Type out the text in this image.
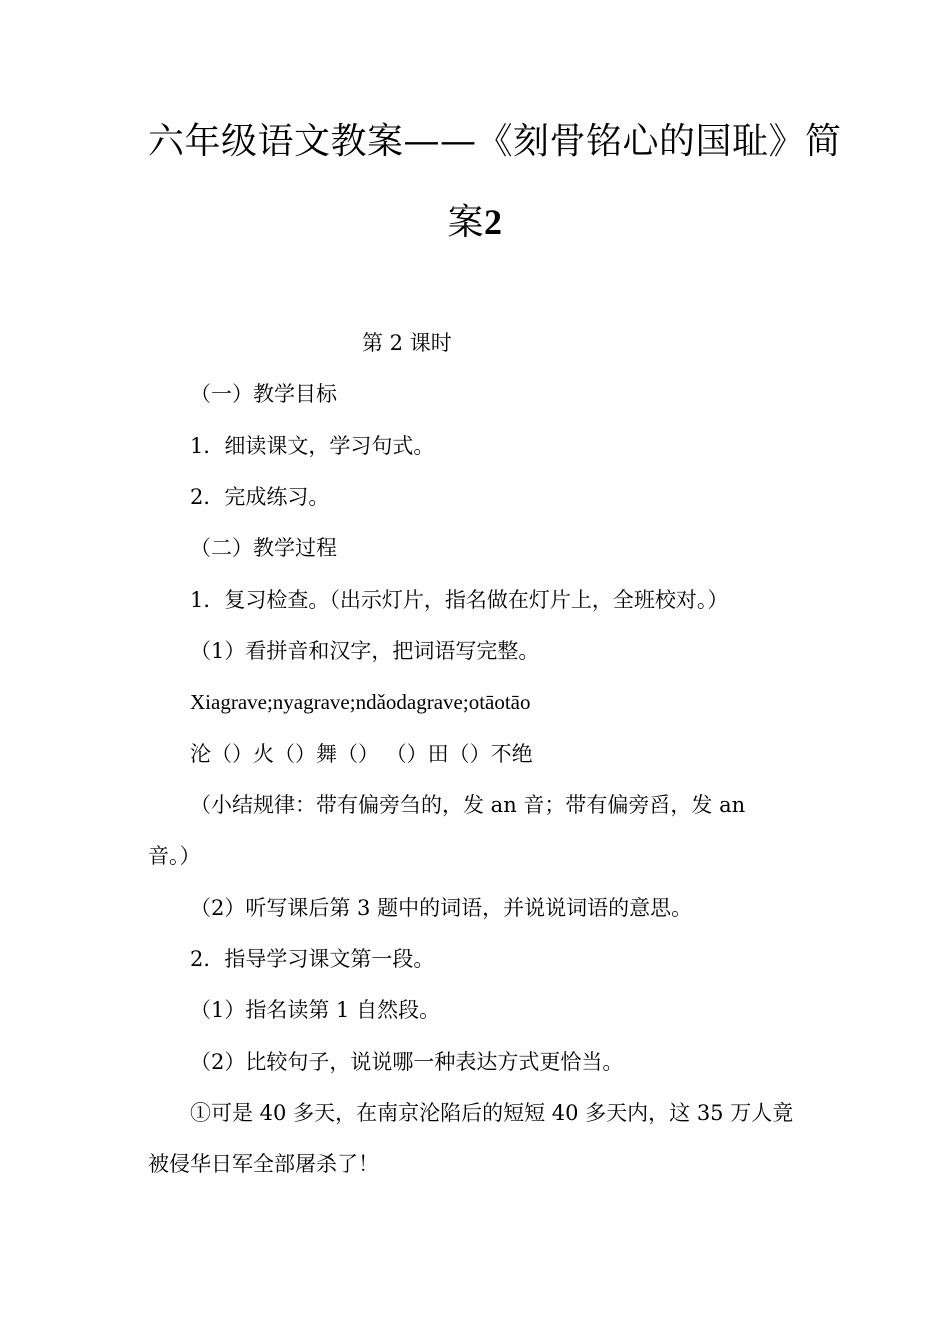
六年级语文教案——《刻骨铭心的国耻》简
案2
第 2 课时
（一）教学目标
1．细读课文，学习句式。
2．完成练习。
（二）教学过程
1．复习检查。（出示灯片，指名做在灯片上，全班校对。）
（1）看拼音和汉字，把词语写完整。
Xiagrave;nyagrave;ndǎodagrave;otāotāo
沦（）火（）舞（） （）田（）不绝
（小结规律：带有偏旁刍的，发 an 音；带有偏旁舀，发 an
音。）
（2）听写课后第 3 题中的词语，并说说词语的意思。
2．指导学习课文第一段。
（1）指名读第 1 自然段。
（2）比较句子，说说哪一种表达方式更恰当。
①可是 40 多天，在南京沦陷后的短短 40 多天内，这 35 万人竟
被侵华日军全部屠杀了！
